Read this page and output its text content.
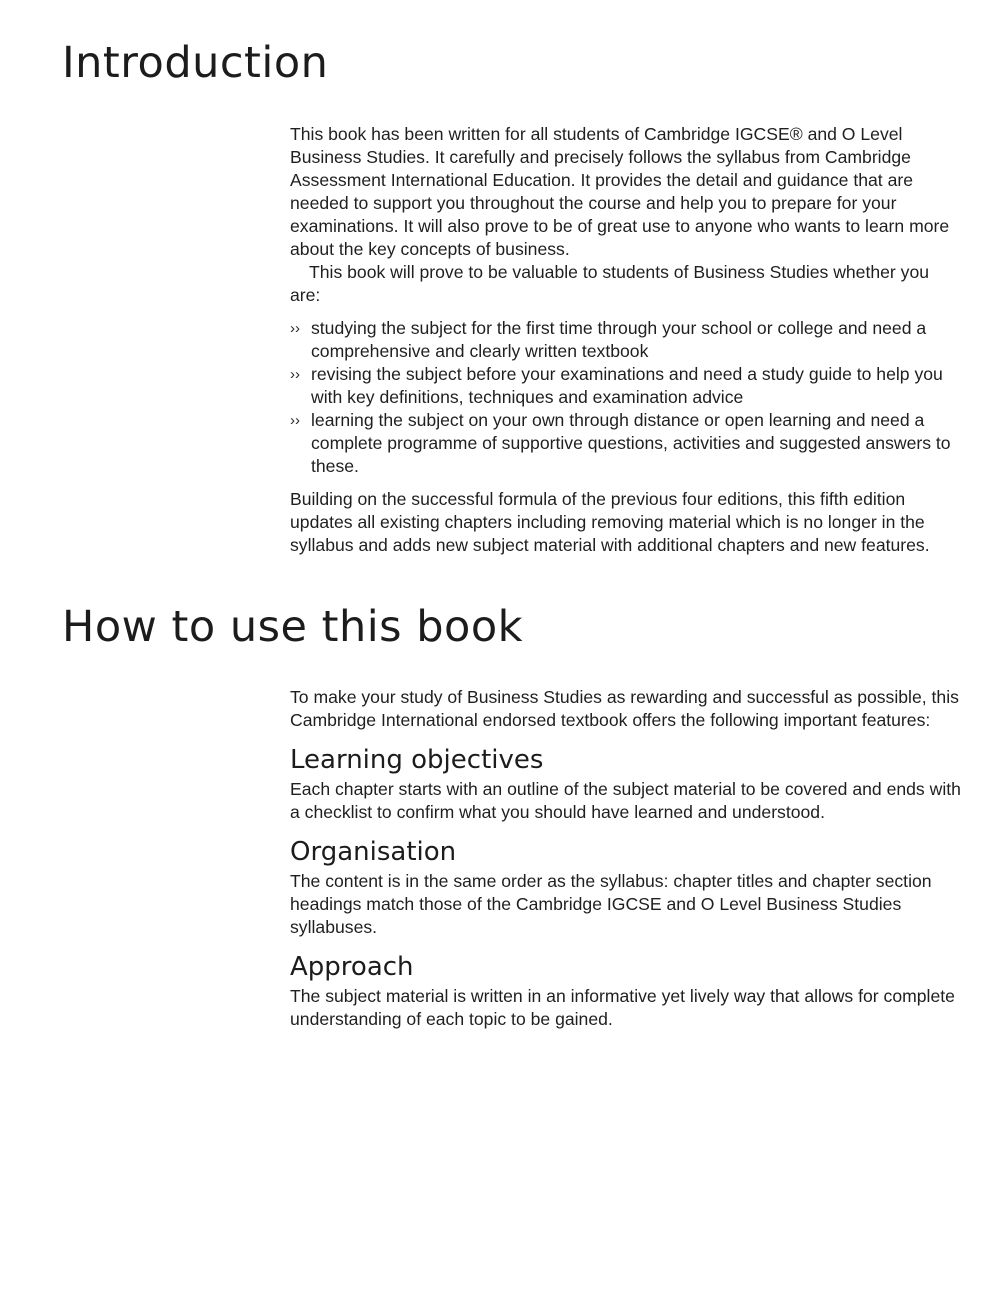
Introduction

This book has been written for all students of Cambridge IGCSE® and O Level Business Studies. It carefully and precisely follows the syllabus from Cambridge Assessment International Education. It provides the detail and guidance that are needed to support you throughout the course and help you to prepare for your examinations. It will also prove to be of great use to anyone who wants to learn more about the key concepts of business.

This book will prove to be valuable to students of Business Studies whether you are:

›› studying the subject for the first time through your school or college and need a comprehensive and clearly written textbook
›› revising the subject before your examinations and need a study guide to help you with key definitions, techniques and examination advice
›› learning the subject on your own through distance or open learning and need a complete programme of supportive questions, activities and suggested answers to these.

Building on the successful formula of the previous four editions, this fifth edition updates all existing chapters including removing material which is no longer in the syllabus and adds new subject material with additional chapters and new features.

How to use this book

To make your study of Business Studies as rewarding and successful as possible, this Cambridge International endorsed textbook offers the following important features:

Learning objectives

Each chapter starts with an outline of the subject material to be covered and ends with a checklist to confirm what you should have learned and understood.

Organisation

The content is in the same order as the syllabus: chapter titles and chapter section headings match those of the Cambridge IGCSE and O Level Business Studies syllabuses.

Approach

The subject material is written in an informative yet lively way that allows for complete understanding of each topic to be gained.
